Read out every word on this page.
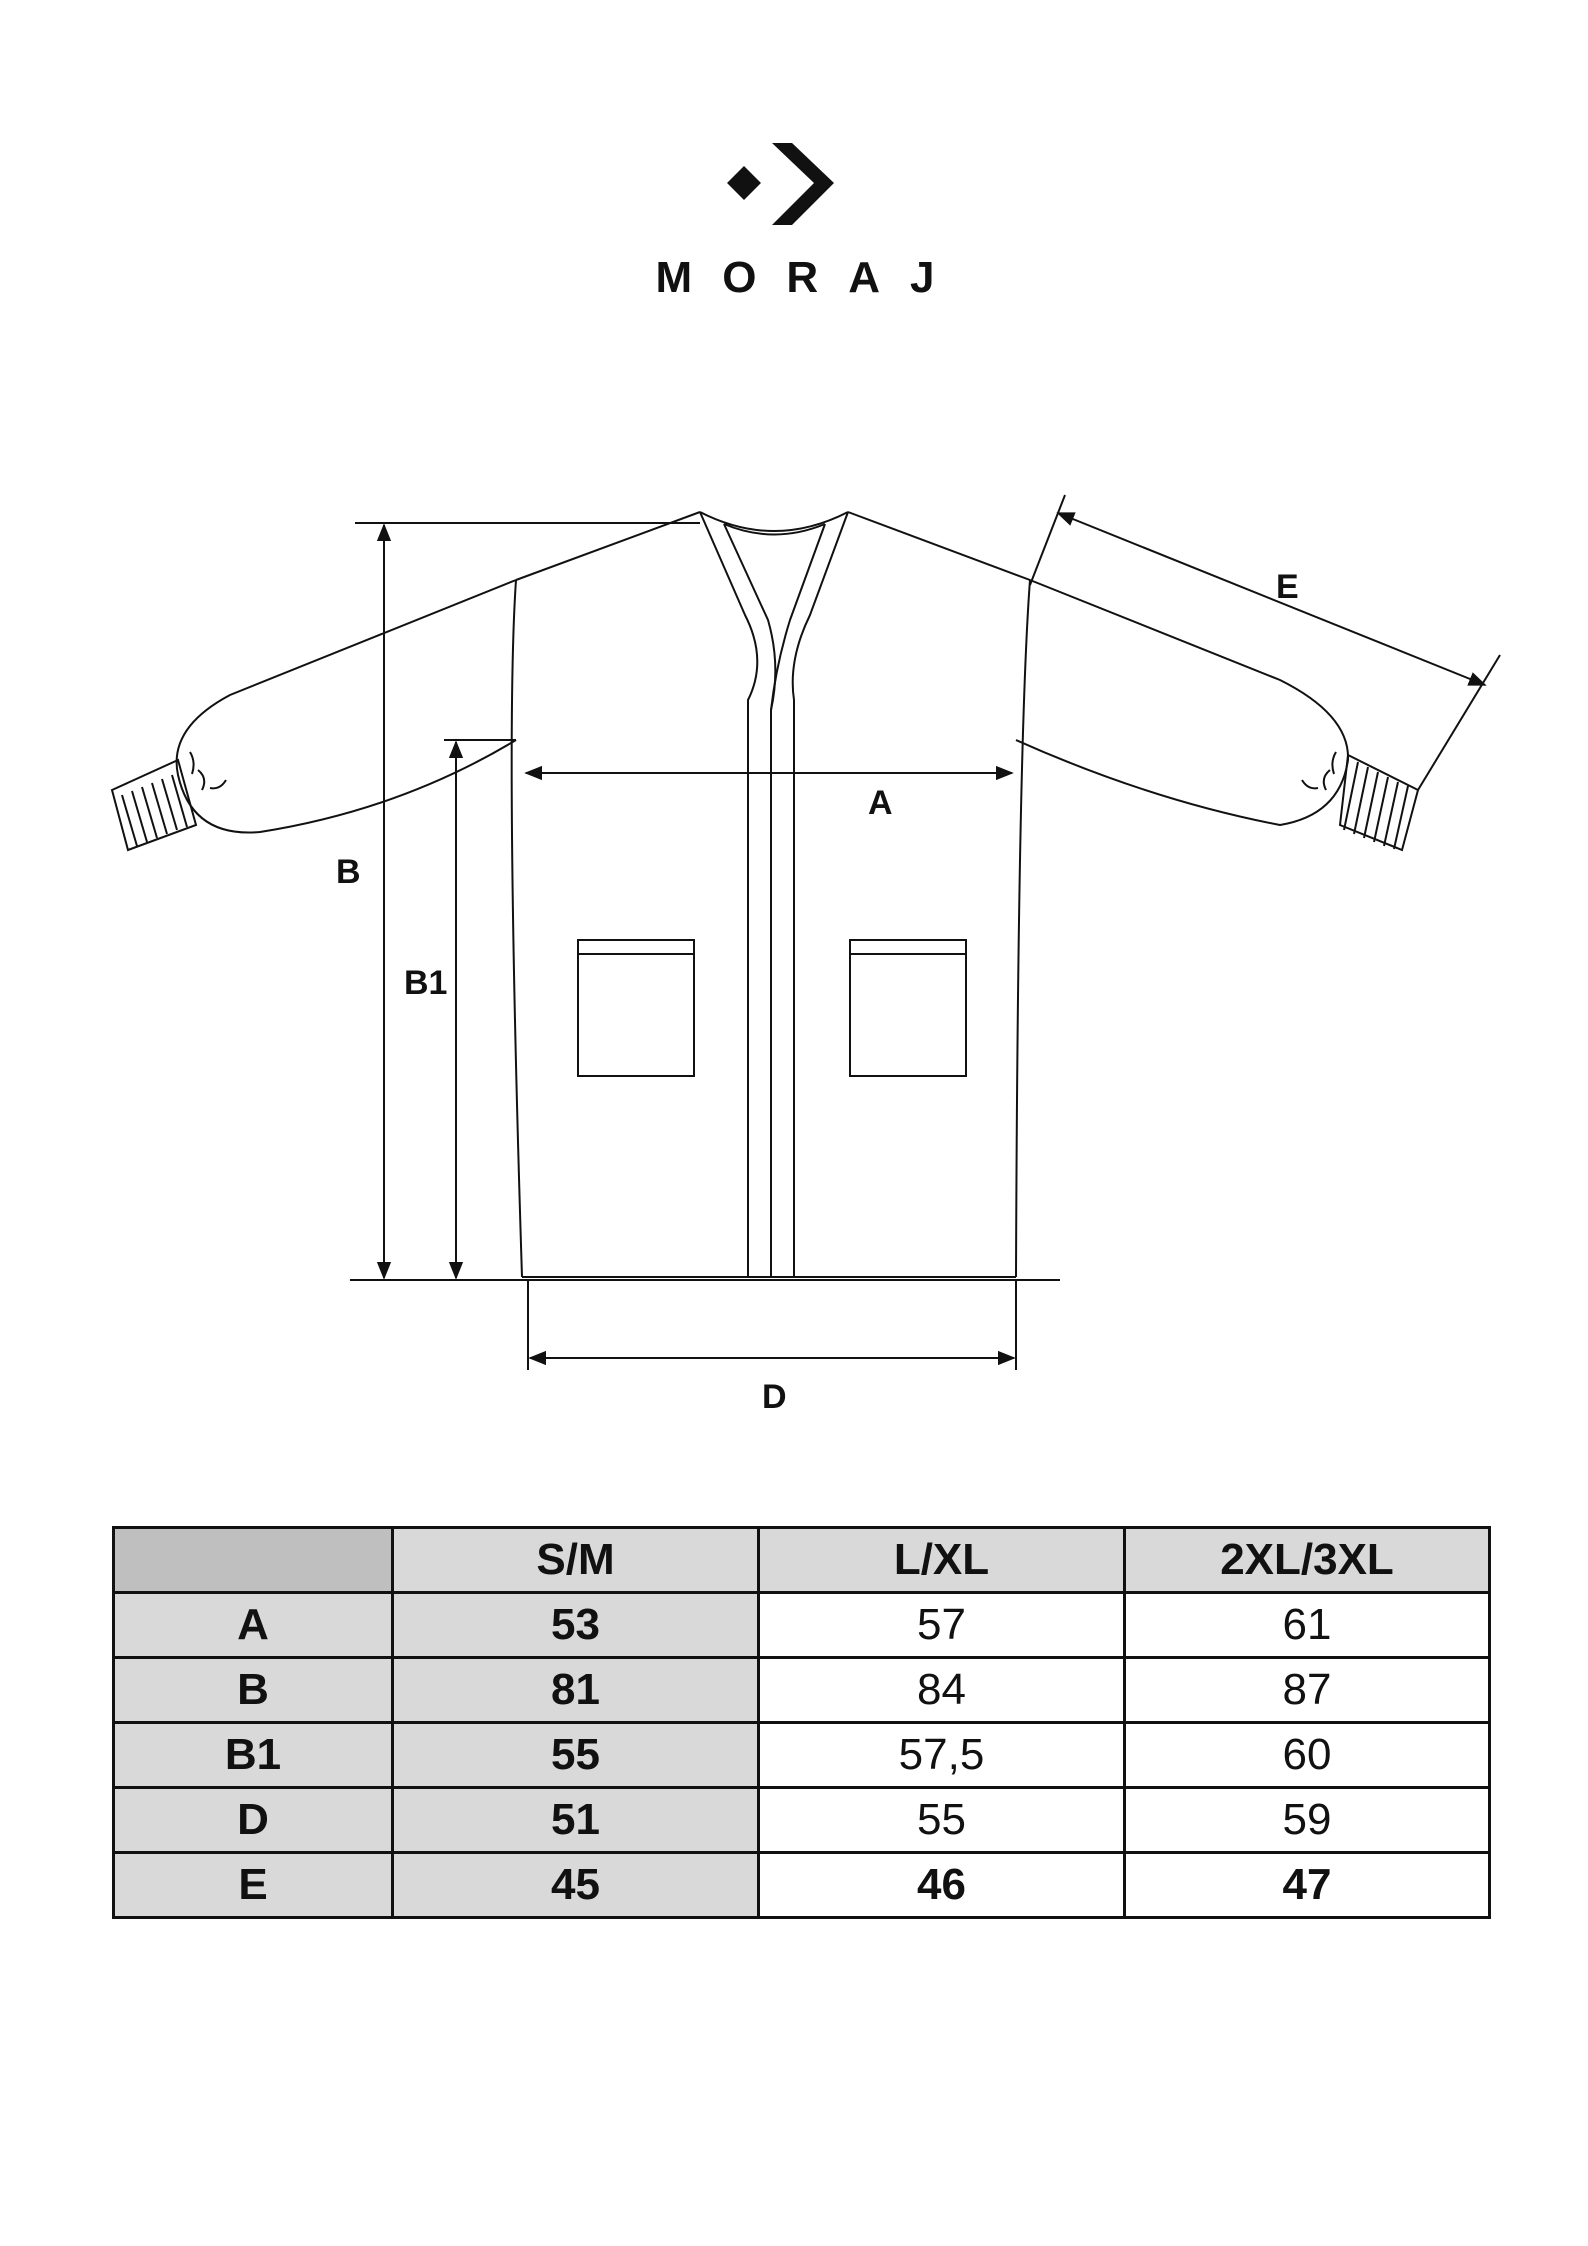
MORAJ
B
B1
A
D
E
	S/M	L/XL	2XL/3XL
A	53	57	61
B	81	84	87
B1	55	57,5	60
D	51	55	59
E	45	46	47
